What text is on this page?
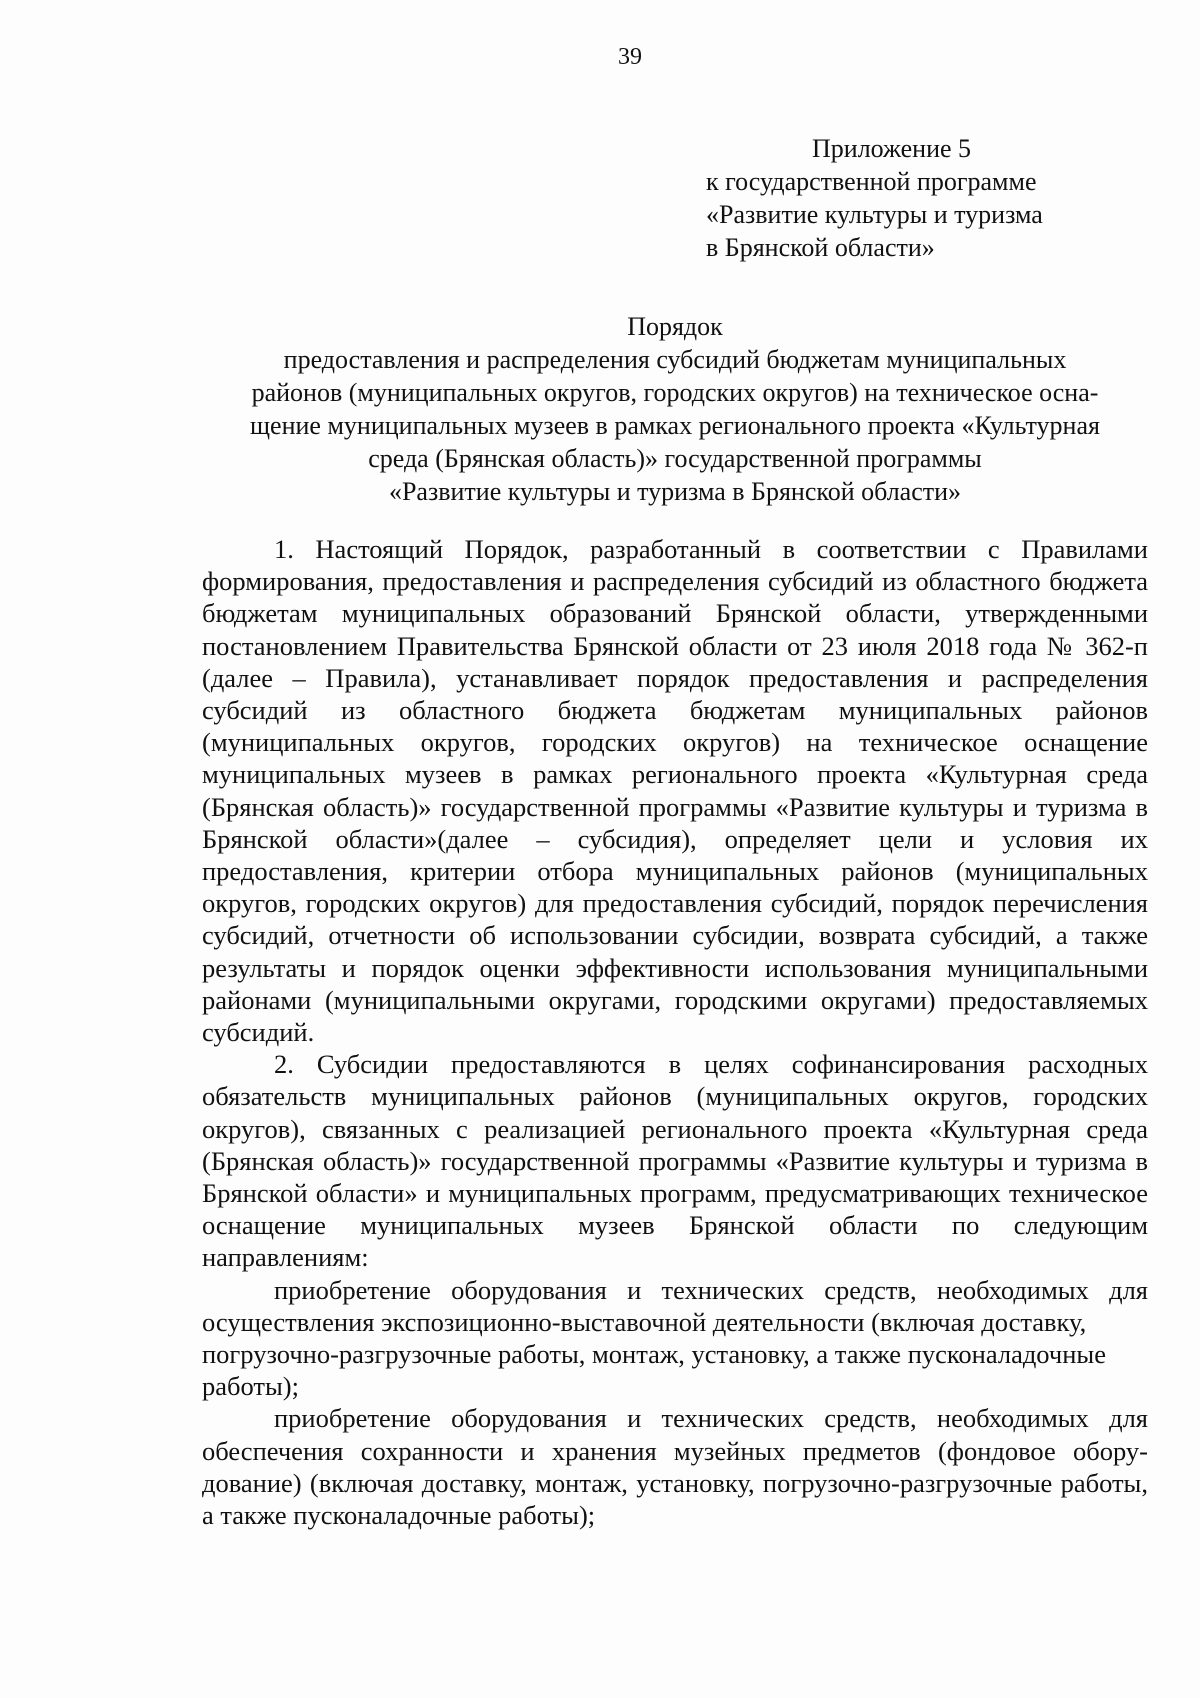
39
Приложение 5
к государственной программе
«Развитие культуры и туризма
в Брянской области»
Порядок
предоставления и распределения субсидий бюджетам муниципальных
районов (муниципальных округов, городских округов) на техническое осна-
щение муниципальных музеев в рамках регионального проекта «Культурная
среда (Брянская область)» государственной программы
«Развитие культуры и туризма в Брянской области»

1. Настоящий Порядок, разработанный в соответствии с Правилами формирования, предоставления и распределения субсидий из областного бюджета бюджетам муниципальных образований Брянской области, утвержденными постановлением Правительства Брянской области от 23 июля 2018 года № 362-п (далее – Правила), устанавливает порядок предоставления и распределения субсидий из областного бюджета бюджетам муниципальных районов (муниципальных округов, городских округов) на техническое оснащение муниципальных музеев в рамках регионального проекта «Культурная среда (Брянская область)» государственной программы «Развитие культуры и туризма в Брянской области»(далее – субсидия), определяет цели и условия их предоставления, критерии отбора муниципальных районов (муниципальных округов, городских округов) для предоставления субсидий, порядок перечисления субсидий, отчетности об использовании субсидии, возврата субсидий, а также результаты и порядок оценки эффективности использования муниципальными районами (муниципальными округами, городскими округами) предоставляемых субсидий.

2. Субсидии предоставляются в целях софинансирования расходных обязательств муниципальных районов (муниципальных округов, городских округов), связанных с реализацией регионального проекта «Культурная среда (Брянская область)» государственной программы «Развитие культуры и туризма в Брянской области» и муниципальных программ, предусматривающих техническое оснащение муниципальных музеев Брянской области по следующим направлениям:

приобретение оборудования и технических средств, необходимых для осуществления экспозиционно-выставочной деятельности (включая доставку,

погрузочно-разгрузочные работы, монтаж, установку, а также пусконаладочные работы);

приобретение оборудования и технических средств, необходимых для обеспечения сохранности и хранения музейных предметов (фондовое оборудование) (включая доставку, монтаж, установку, погрузочно-разгрузочные работы, а также пусконаладочные работы);
